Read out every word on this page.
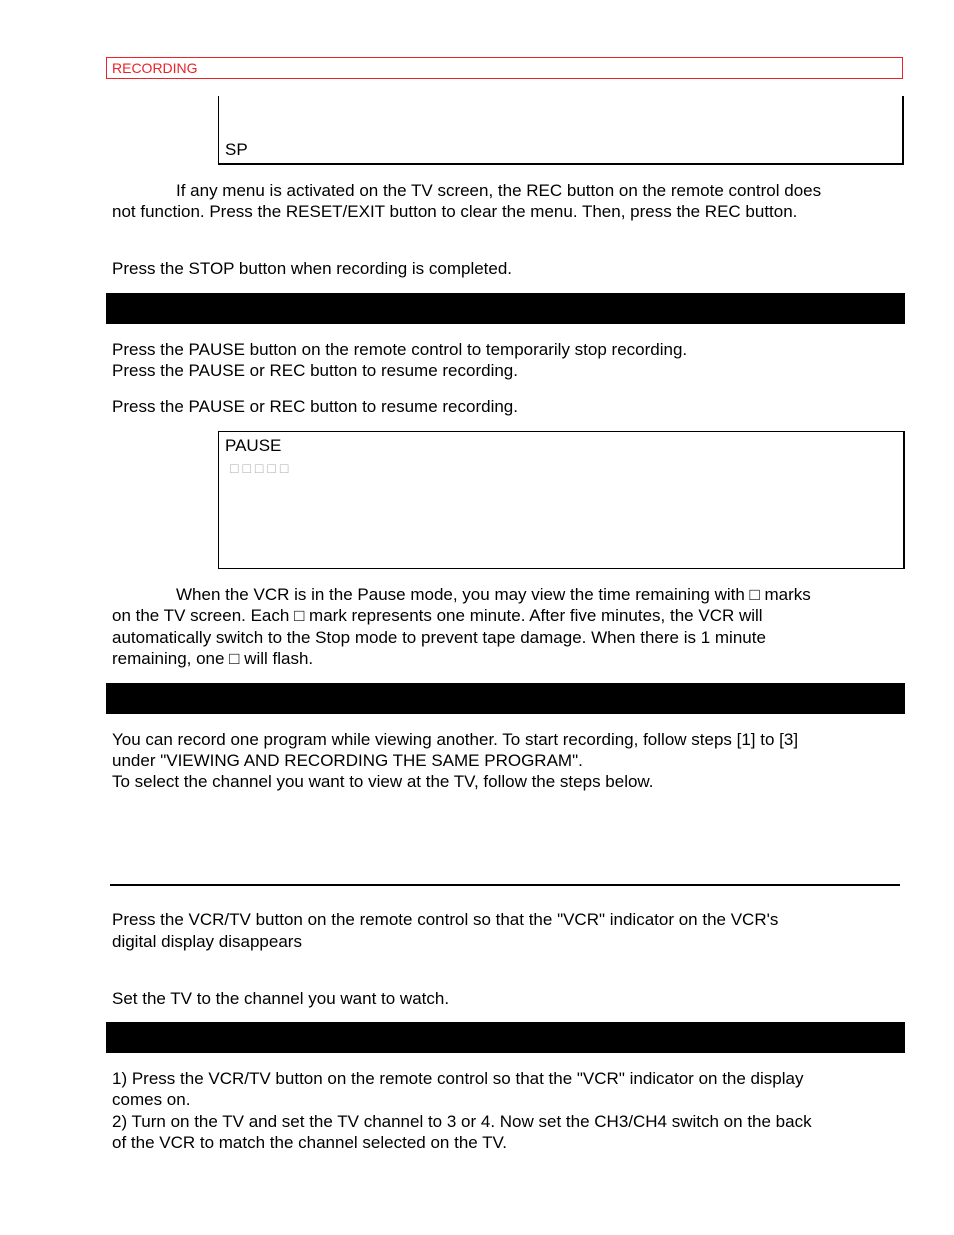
RECORDING
SP
If any menu is activated on the TV screen, the REC button on the remote control does
not function. Press the RESET/EXIT button to clear the menu. Then, press the REC button.
Press the STOP button when recording is completed.
Press the PAUSE button on the remote control to temporarily stop recording.
Press the PAUSE or REC button to resume recording.
Press the PAUSE or REC button to resume recording.
PAUSE
□□□□□
When the VCR is in the Pause mode, you may view the time remaining with □ marks
on the TV screen. Each □ mark represents one minute. After five minutes, the VCR will
automatically switch to the Stop mode to prevent tape damage. When there is 1 minute
remaining, one □ will flash.
You can record one program while viewing another. To start recording, follow steps [1] to [3]
under "VIEWING AND RECORDING THE SAME PROGRAM".
To select the channel you want to view at the TV, follow the steps below.
Press the VCR/TV button on the remote control so that the "VCR" indicator on the VCR's
digital display disappears
Set the TV to the channel you want to watch.
1) Press the VCR/TV button on the remote control so that the "VCR" indicator on the display
comes on.
2) Turn on the TV and set the TV channel to 3 or 4. Now set the CH3/CH4 switch on the back
of the VCR to match the channel selected on the TV.
